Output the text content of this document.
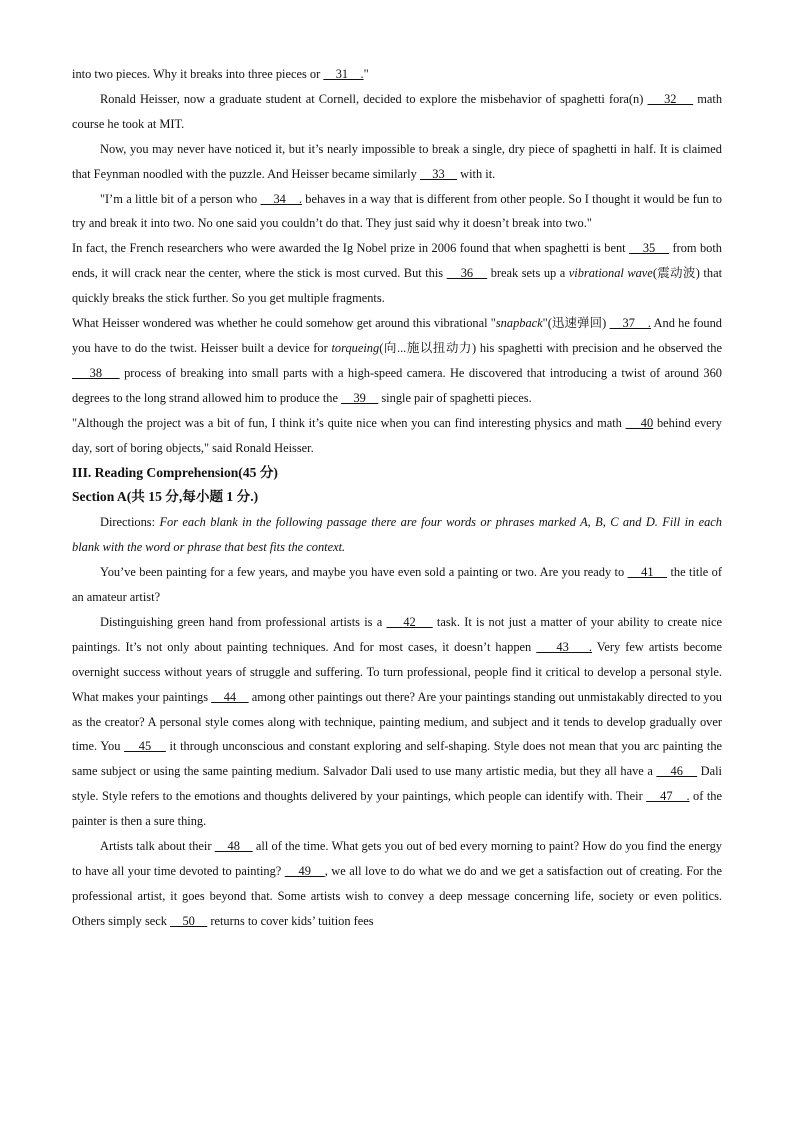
into two pieces. Why it breaks into three pieces or     31    ."

Ronald Heisser, now a graduate student at Cornell, decided to explore the misbehavior of spaghetti fora(n)     32     math course he took at MIT.

Now, you may never have noticed it, but it’s nearly impossible to break a single, dry piece of spaghetti in half. It is claimed that Feynman noodled with the puzzle. And Heisser became similarly     33     with it.

"I’m a little bit of a person who     34    . behaves in a way that is different from other people. So I thought it would be fun to try and break it into two. No one said you couldn’t do that. They just said why it doesn’t break into two."

In fact, the French researchers who were awarded the Ig Nobel prize in 2006 found that when spaghetti is bent     35     from both ends, it will crack near the center, where the stick is most curved. But this     36     break sets up a vibrational wave(震动波) that quickly breaks the stick further. So you get multiple fragments.

What Heisser wondered was whether he could somehow get around this vibrational "snapback"(迅速弹回)     37    . And he found you have to do the twist. Heisser built a device for torqueing(向...施以扭动力) his spaghetti with precision and he observed the     38     process of breaking into small parts with a high-speed camera. He discovered that introducing a twist of around 360 degrees to the long strand allowed him to produce the     39     single pair of spaghetti pieces.

"Although the project was a bit of fun, I think it’s quite nice when you can find interesting physics and math     40 behind every day, sort of boring objects," said Ronald Heisser.

III. Reading Comprehension(45 分)

Section A(共 15 分,每小题 1 分.)

Directions: For each blank in the following passage there are four words or phrases marked A, B, C and D. Fill in each blank with the word or phrase that best fits the context.

You’ve been painting for a few years, and maybe you have even sold a painting or two. Are you ready to     41     the title of an amateur artist?

Distinguishing green hand from professional artists is a     42     task. It is not just a matter of your ability to create nice paintings. It’s not only about painting techniques. And for most cases, it doesn’t happen     43    . Very few artists become overnight success without years of struggle and suffering. To turn professional, people find it critical to develop a personal style. What makes your paintings     44     among other paintings out there? Are your paintings standing out unmistakably directed to you as the creator? A personal style comes along with technique, painting medium, and subject and it tends to develop gradually over time. You     45     it through unconscious and constant exploring and self-shaping. Style does not mean that you arc painting the same subject or using the same painting medium. Salvador Dali used to use many artistic media, but they all have a     46     Dali style. Style refers to the emotions and thoughts delivered by your paintings, which people can identify with. Their     47    . of the painter is then a sure thing.

Artists talk about their     48     all of the time. What gets you out of bed every morning to paint? How do you find the energy to have all your time devoted to painting?     49    , we all love to do what we do and we get a satisfaction out of creating. For the professional artist, it goes beyond that. Some artists wish to convey a deep message concerning life, society or even politics. Others simply seck     50     returns to cover kids’ tuition fees
